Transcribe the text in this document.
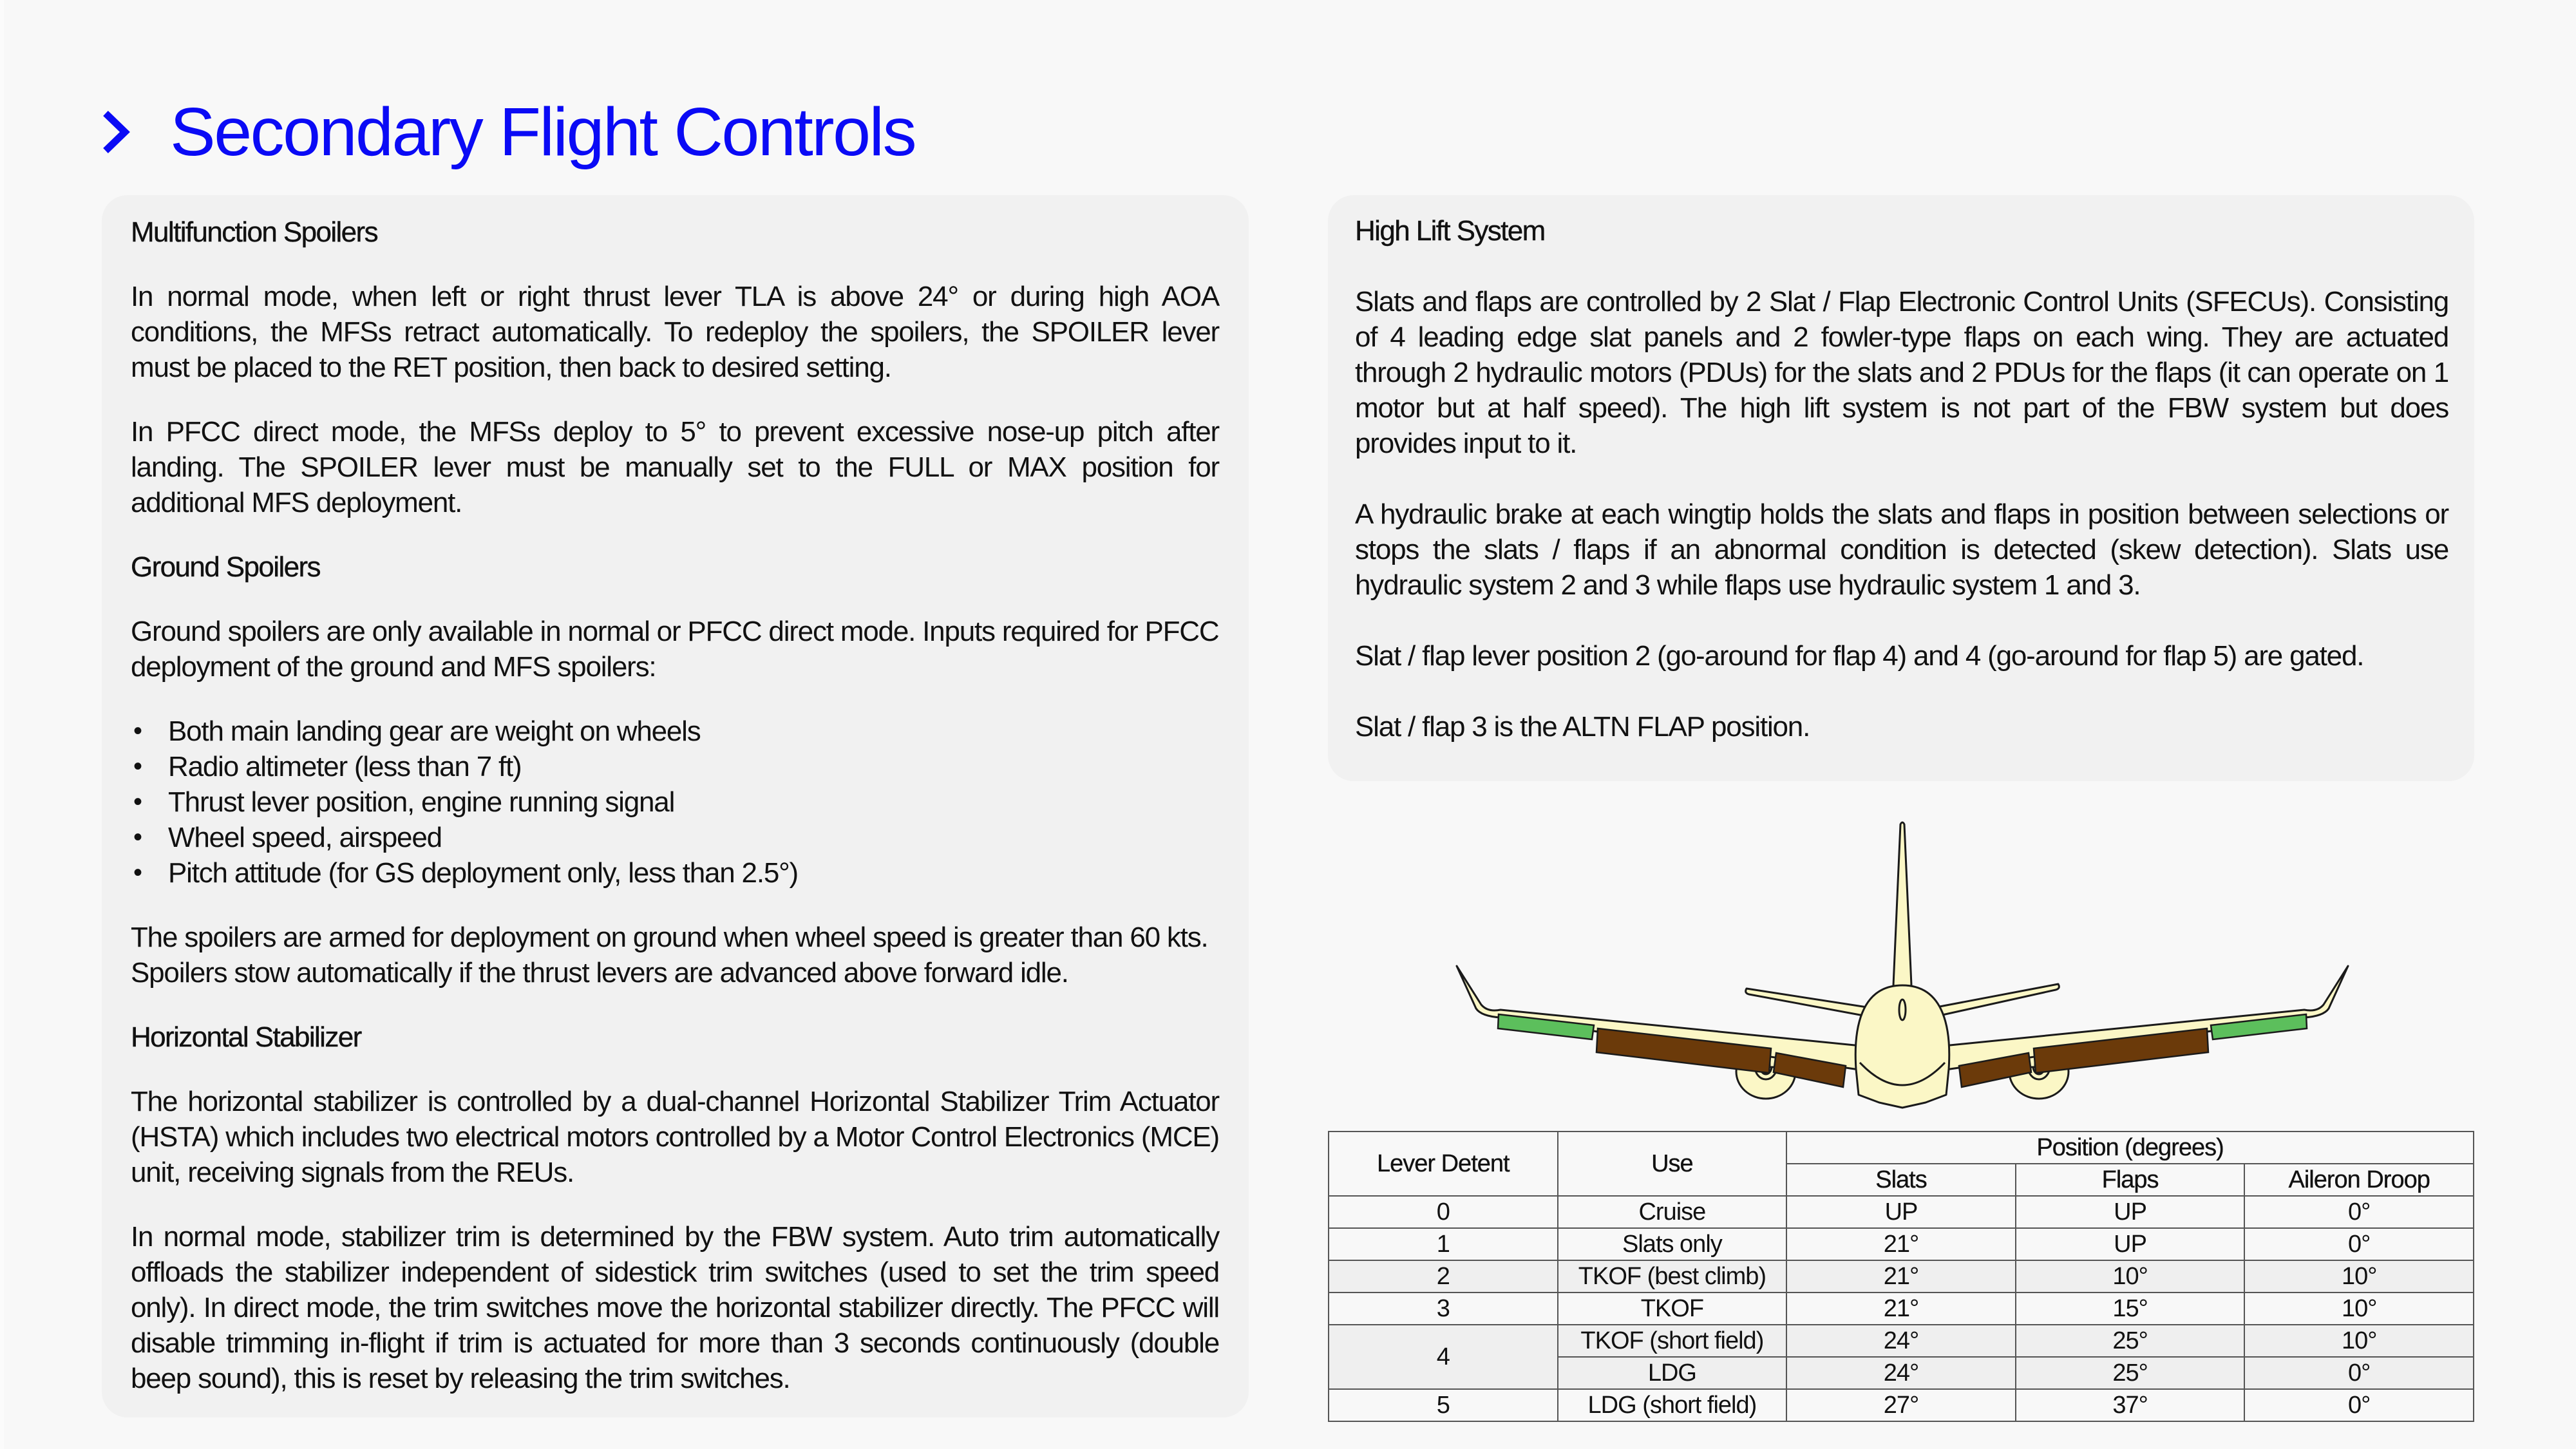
Secondary Flight Controls
Multifunction Spoilers

In normal mode, when left or right thrust lever TLA is above 24° or during high AOA conditions, the MFSs retract automatically. To redeploy the spoilers, the SPOILER lever must be placed to the RET position, then back to desired setting.

In PFCC direct mode, the MFSs deploy to 5° to prevent excessive nose-up pitch after landing. The SPOILER lever must be manually set to the FULL or MAX position for additional MFS deployment.

Ground Spoilers

Ground spoilers are only available in normal or PFCC direct mode. Inputs required for PFCC deployment of the ground and MFS spoilers:

• Both main landing gear are weight on wheels
• Radio altimeter (less than 7 ft)
• Thrust lever position, engine running signal
• Wheel speed, airspeed
• Pitch attitude (for GS deployment only, less than 2.5°)

The spoilers are armed for deployment on ground when wheel speed is greater than 60 kts. Spoilers stow automatically if the thrust levers are advanced above forward idle.

Horizontal Stabilizer

The horizontal stabilizer is controlled by a dual-channel Horizontal Stabilizer Trim Actuator (HSTA) which includes two electrical motors controlled by a Motor Control Electronics (MCE) unit, receiving signals from the REUs.

In normal mode, stabilizer trim is determined by the FBW system. Auto trim automatically offloads the stabilizer independent of sidestick trim switches (used to set the trim speed only). In direct mode, the trim switches move the horizontal stabilizer directly. The PFCC will disable trimming in-flight if trim is actuated for more than 3 seconds continuously (double beep sound), this is reset by releasing the trim switches.

High Lift System

Slats and flaps are controlled by 2 Slat / Flap Electronic Control Units (SFECUs). Consisting of 4 leading edge slat panels and 2 fowler-type flaps on each wing. They are actuated through 2 hydraulic motors (PDUs) for the slats and 2 PDUs for the flaps (it can operate on 1 motor but at half speed). The high lift system is not part of the FBW system but does provides input to it.

A hydraulic brake at each wingtip holds the slats and flaps in position between selections or stops the slats / flaps if an abnormal condition is detected (skew detection). Slats use hydraulic system 2 and 3 while flaps use hydraulic system 1 and 3.

Slat / flap lever position 2 (go-around for flap 4) and 4 (go-around for flap 5) are gated.

Slat / flap 3 is the ALTN FLAP position.

Lever Detent	Use	Position (degrees)		
		Slats	Flaps	Aileron Droop
0	Cruise	UP	UP	0°
1	Slats only	21°	UP	0°
2	TKOF (best climb)	21°	10°	10°
3	TKOF	21°	15°	10°
4	TKOF (short field)	24°	25°	10°
	LDG	24°	25°	0°
5	LDG (short field)	27°	37°	0°
